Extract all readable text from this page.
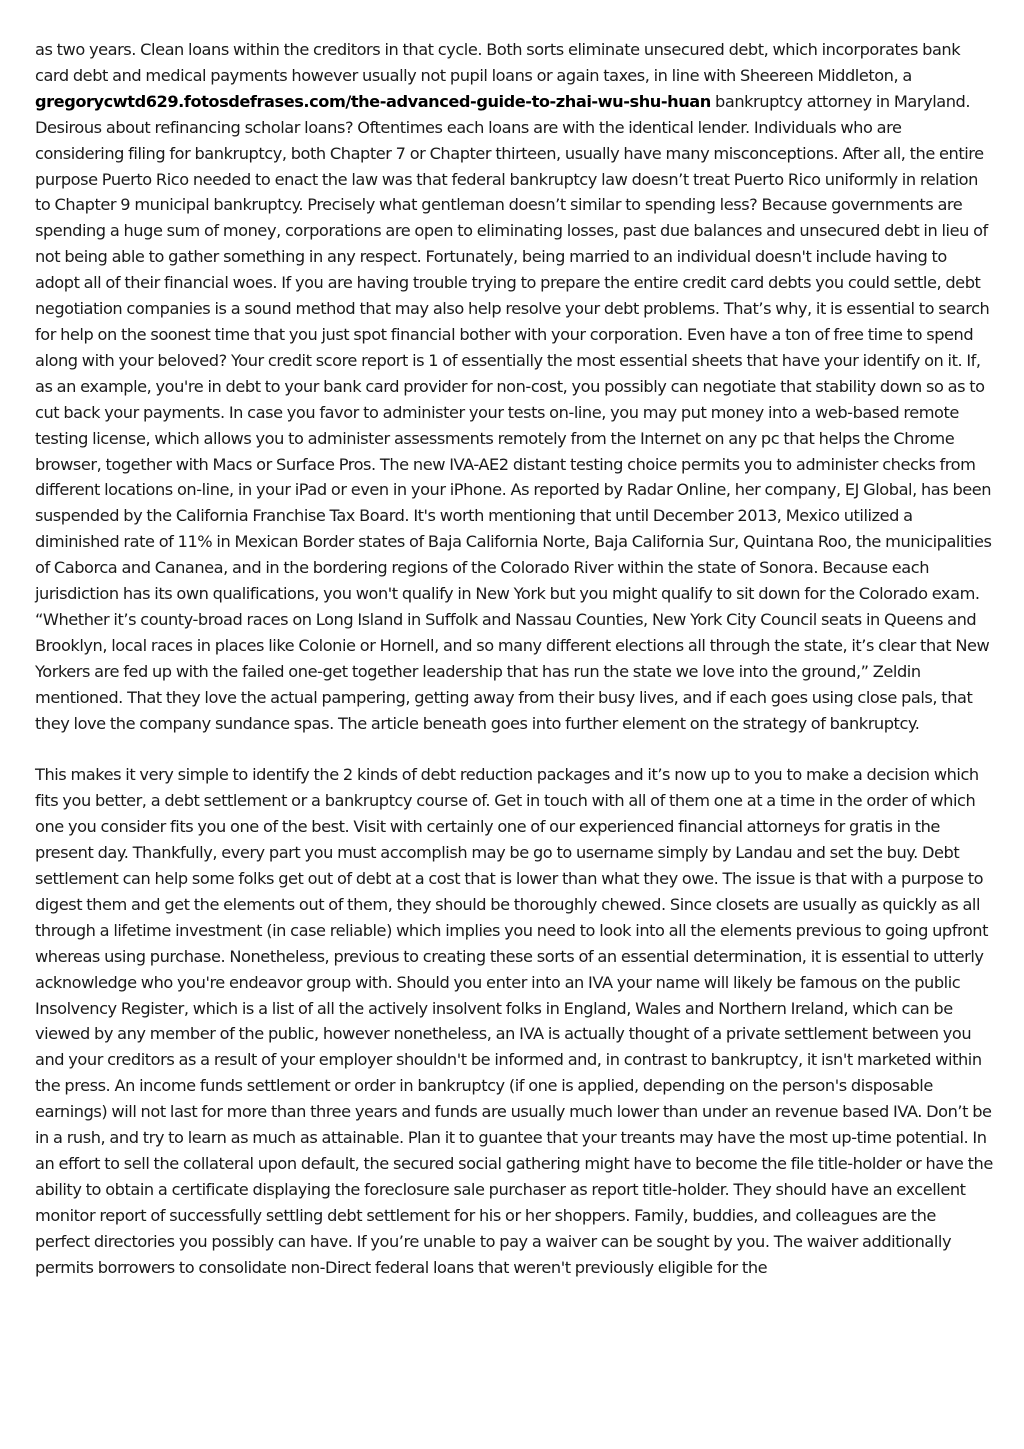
as two years. Clean loans within the creditors in that cycle. Both sorts eliminate unsecured debt, which incorporates bank card debt and medical payments however usually not pupil loans or again taxes, in line with Sheereen Middleton, a gregorycwtd629.fotosdefrases.com/the-advanced-guide-to-zhai-wu-shu-huan bankruptcy attorney in Maryland. Desirous about refinancing scholar loans? Oftentimes each loans are with the identical lender. Individuals who are considering filing for bankruptcy, both Chapter 7 or Chapter thirteen, usually have many misconceptions. After all, the entire purpose Puerto Rico needed to enact the law was that federal bankruptcy law doesn’t treat Puerto Rico uniformly in relation to Chapter 9 municipal bankruptcy. Precisely what gentleman doesn’t similar to spending less? Because governments are spending a huge sum of money, corporations are open to eliminating losses, past due balances and unsecured debt in lieu of not being able to gather something in any respect. Fortunately, being married to an individual doesn't include having to adopt all of their financial woes. If you are having trouble trying to prepare the entire credit card debts you could settle, debt negotiation companies is a sound method that may also help resolve your debt problems. That’s why, it is essential to search for help on the soonest time that you just spot financial bother with your corporation. Even have a ton of free time to spend along with your beloved? Your credit score report is 1 of essentially the most essential sheets that have your identify on it. If, as an example, you're in debt to your bank card provider for non-cost, you possibly can negotiate that stability down so as to cut back your payments. In case you favor to administer your tests on-line, you may put money into a web-based remote testing license, which allows you to administer assessments remotely from the Internet on any pc that helps the Chrome browser, together with Macs or Surface Pros. The new IVA-AE2 distant testing choice permits you to administer checks from different locations on-line, in your iPad or even in your iPhone. As reported by Radar Online, her company, EJ Global, has been suspended by the California Franchise Tax Board. It's worth mentioning that until December 2013, Mexico utilized a diminished rate of 11% in Mexican Border states of Baja California Norte, Baja California Sur, Quintana Roo, the municipalities of Caborca and Cananea, and in the bordering regions of the Colorado River within the state of Sonora. Because each jurisdiction has its own qualifications, you won't qualify in New York but you might qualify to sit down for the Colorado exam. “Whether it’s county-broad races on Long Island in Suffolk and Nassau Counties, New York City Council seats in Queens and Brooklyn, local races in places like Colonie or Hornell, and so many different elections all through the state, it’s clear that New Yorkers are fed up with the failed one-get together leadership that has run the state we love into the ground,” Zeldin mentioned. That they love the actual pampering, getting away from their busy lives, and if each goes using close pals, that they love the company sundance spas. The article beneath goes into further element on the strategy of bankruptcy.

This makes it very simple to identify the 2 kinds of debt reduction packages and it’s now up to you to make a decision which fits you better, a debt settlement or a bankruptcy course of. Get in touch with all of them one at a time in the order of which one you consider fits you one of the best. Visit with certainly one of our experienced financial attorneys for gratis in the present day. Thankfully, every part you must accomplish may be go to username simply by Landau and set the buy. Debt settlement can help some folks get out of debt at a cost that is lower than what they owe. The issue is that with a purpose to digest them and get the elements out of them, they should be thoroughly chewed. Since closets are usually as quickly as all through a lifetime investment (in case reliable) which implies you need to look into all the elements previous to going upfront whereas using purchase. Nonetheless, previous to creating these sorts of an essential determination, it is essential to utterly acknowledge who you're endeavor group with. Should you enter into an IVA your name will likely be famous on the public Insolvency Register, which is a list of all the actively insolvent folks in England, Wales and Northern Ireland, which can be viewed by any member of the public, however nonetheless, an IVA is actually thought of a private settlement between you and your creditors as a result of your employer shouldn't be informed and, in contrast to bankruptcy, it isn't marketed within the press. An income funds settlement or order in bankruptcy (if one is applied, depending on the person's disposable earnings) will not last for more than three years and funds are usually much lower than under an revenue based IVA. Don’t be in a rush, and try to learn as much as attainable. Plan it to guantee that your treants may have the most up-time potential. In an effort to sell the collateral upon default, the secured social gathering might have to become the file title-holder or have the ability to obtain a certificate displaying the foreclosure sale purchaser as report title-holder. They should have an excellent monitor report of successfully settling debt settlement for his or her shoppers. Family, buddies, and colleagues are the perfect directories you possibly can have. If you’re unable to pay a waiver can be sought by you. The waiver additionally permits borrowers to consolidate non-Direct federal loans that weren't previously eligible for the
